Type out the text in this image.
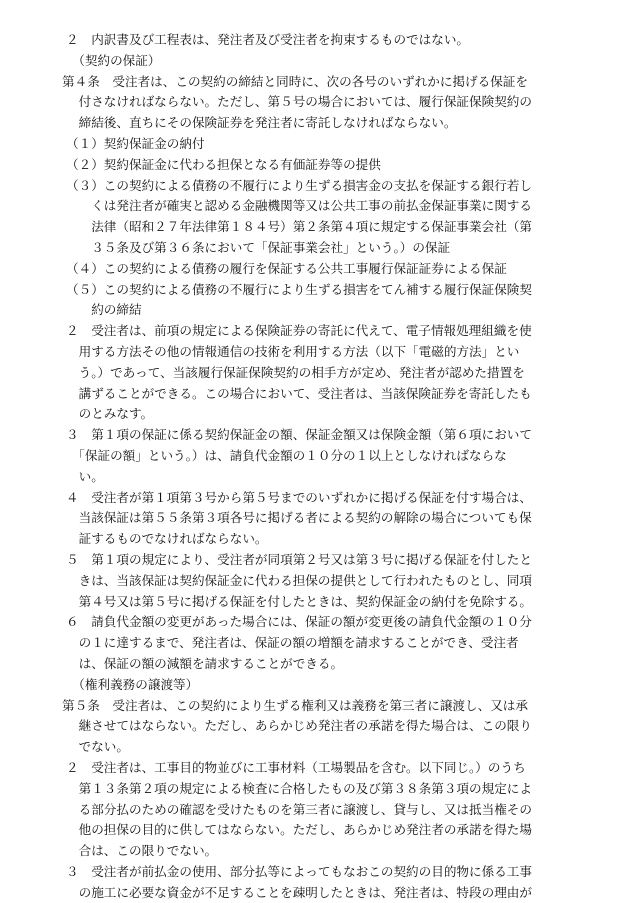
２　内訳書及び工程表は、発注者及び受注者を拘束するものではない。
　（契約の保証）
第４条　受注者は、この契約の締結と同時に、次の各号のいずれかに掲げる保証を
　付さなければならない。ただし、第５号の場合においては、履行保証保険契約の
　締結後、直ちにその保険証券を発注者に寄託しなければならない。
（１）契約保証金の納付
（２）契約保証金に代わる担保となる有価証券等の提供
（３）この契約による債務の不履行により生ずる損害金の支払を保証する銀行若し
　　くは発注者が確実と認める金融機関等又は公共工事の前払金保証事業に関する
　　法律（昭和２７年法律第１８４号）第２条第４項に規定する保証事業会社（第
　　３５条及び第３６条において「保証事業会社」という。）の保証
（４）この契約による債務の履行を保証する公共工事履行保証証券による保証
（５）この契約による債務の不履行により生ずる損害をてん補する履行保証保険契
　　約の締結
２　受注者は、前項の規定による保険証券の寄託に代えて、電子情報処理組織を使
　用する方法その他の情報通信の技術を利用する方法（以下「電磁的方法」とい
　う。）であって、当該履行保証保険契約の相手方が定め、発注者が認めた措置を
　講ずることができる。この場合において、受注者は、当該保険証券を寄託したも
　のとみなす。
３　第１項の保証に係る契約保証金の額、保証金額又は保険金額（第６項において
　「保証の額」という。）は、請負代金額の１０分の１以上としなければならな
　い。
４　受注者が第１項第３号から第５号までのいずれかに掲げる保証を付す場合は、
　当該保証は第５５条第３項各号に掲げる者による契約の解除の場合についても保
　証するものでなければならない。
５　第１項の規定により、受注者が同項第２号又は第３号に掲げる保証を付したと
　きは、当該保証は契約保証金に代わる担保の提供として行われたものとし、同項
　第４号又は第５号に掲げる保証を付したときは、契約保証金の納付を免除する。
６　請負代金額の変更があった場合には、保証の額が変更後の請負代金額の１０分
　の１に達するまで、発注者は、保証の額の増額を請求することができ、受注者
　は、保証の額の減額を請求することができる。
　（権利義務の譲渡等）
第５条　受注者は、この契約により生ずる権利又は義務を第三者に譲渡し、又は承
　継させてはならない。ただし、あらかじめ発注者の承諾を得た場合は、この限り
　でない。
２　受注者は、工事目的物並びに工事材料（工場製品を含む。以下同じ。）のうち
　第１３条第２項の規定による検査に合格したもの及び第３８条第３項の規定によ
　る部分払のための確認を受けたものを第三者に譲渡し、貸与し、又は抵当権その
　他の担保の目的に供してはならない。ただし、あらかじめ発注者の承諾を得た場
　合は、この限りでない。
３　受注者が前払金の使用、部分払等によってもなおこの契約の目的物に係る工事
　の施工に必要な資金が不足することを疎明したときは、発注者は、特段の理由が
